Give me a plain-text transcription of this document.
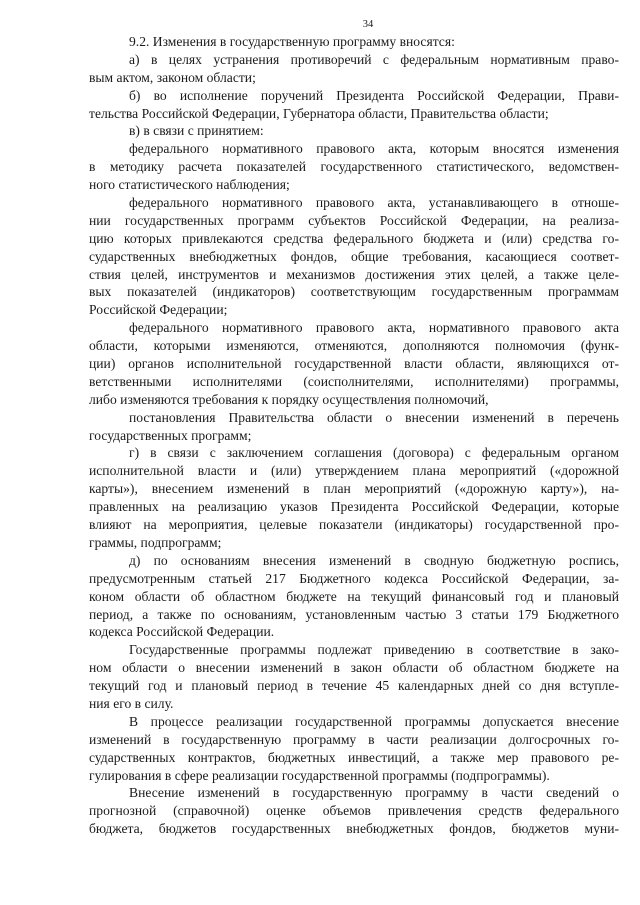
34
9.2. Изменения в государственную программу вносятся:
а) в целях устранения противоречий с федеральным нормативным право-
вым актом, законом области;
б) во исполнение поручений Президента Российской Федерации, Прави-
тельства Российской Федерации, Губернатора области, Правительства области;
в) в связи с принятием:
федерального нормативного правового акта, которым вносятся изменения
в методику расчета показателей государственного статистического, ведомствен-
ного статистического наблюдения;
федерального нормативного правового акта, устанавливающего в отноше-
нии государственных программ субъектов Российской Федерации, на реализа-
цию которых привлекаются средства федерального бюджета и (или) средства го-
сударственных внебюджетных фондов, общие требования, касающиеся соответ-
ствия целей, инструментов и механизмов достижения этих целей, а также целе-
вых показателей (индикаторов) соответствующим государственным программам
Российской Федерации;
федерального нормативного правового акта, нормативного правового акта
области, которыми изменяются, отменяются, дополняются полномочия (функ-
ции) органов исполнительной государственной власти области, являющихся от-
ветственными исполнителями (соисполнителями, исполнителями) программы,
либо изменяются требования к порядку осуществления полномочий,
постановления Правительства области о внесении изменений в перечень
государственных программ;
г) в связи с заключением соглашения (договора) с федеральным органом
исполнительной власти и (или) утверждением плана мероприятий («дорожной
карты»), внесением изменений в план мероприятий («дорожную карту»), на-
правленных на реализацию указов Президента Российской Федерации, которые
влияют на мероприятия, целевые показатели (индикаторы) государственной про-
граммы, подпрограмм;
д) по основаниям внесения изменений в сводную бюджетную роспись,
предусмотренным статьей 217 Бюджетного кодекса Российской Федерации, за-
коном области об областном бюджете на текущий финансовый год и плановый
период, а также по основаниям, установленным частью 3 статьи 179 Бюджетного
кодекса Российской Федерации.
Государственные программы подлежат приведению в соответствие в зако-
ном области о внесении изменений в закон области об областном бюджете на
текущий год и плановый период в течение 45 календарных дней со дня вступле-
ния его в силу.
В процессе реализации государственной программы допускается внесение
изменений в государственную программу в части реализации долгосрочных го-
сударственных контрактов, бюджетных инвестиций, а также мер правового ре-
гулирования в сфере реализации государственной программы (подпрограммы).
Внесение изменений в государственную программу в части сведений о
прогнозной (справочной) оценке объемов привлечения средств федерального
бюджета, бюджетов государственных внебюджетных фондов, бюджетов муни-
